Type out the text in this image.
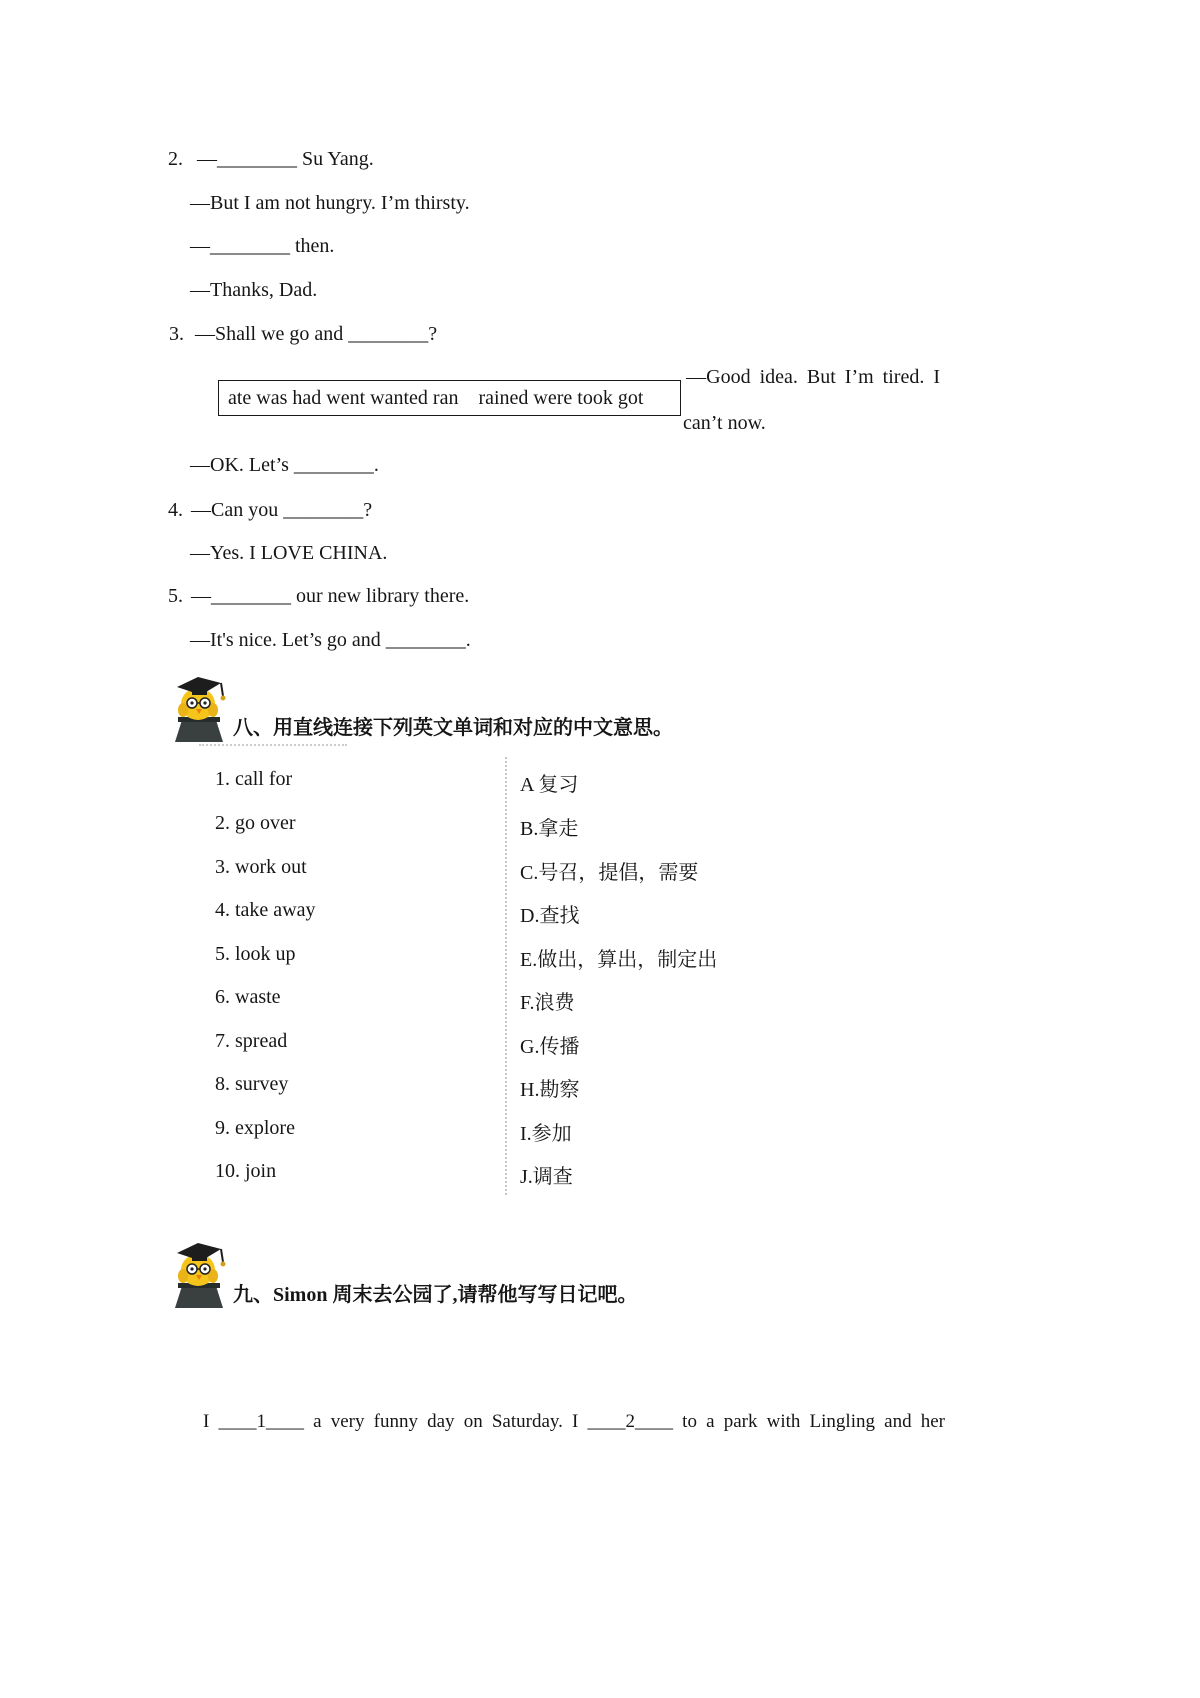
2. —________ Su Yang.
—But I am not hungry. I’m thirsty.
—________ then.
—Thanks, Dad.
3. —Shall we go and ________?
—Good idea. But I’m tired. I
ate was had went wanted ran    rained were took got
can’t now.
—OK. Let’s ________.
4. —Can you ________?
—Yes. I LOVE CHINA.
5. —________ our new library there.
—It's nice. Let’s go and ________.
八、用直线连接下列英文单词和对应的中文意思。
1. call for	A 复习
2. go over	B.拿走
3. work out	C.号召，提倡，需要
4. take away	D.查找
5. look up	E.做出，算出，制定出
6. waste	F.浪费
7. spread	G.传播
8. survey	H.勘察
9. explore	I.参加
10. join	J.调查
九、Simon 周末去公园了,请帮他写写日记吧。
I ____1____ a very funny day on Saturday. I ____2____ to a park with Lingling and her
